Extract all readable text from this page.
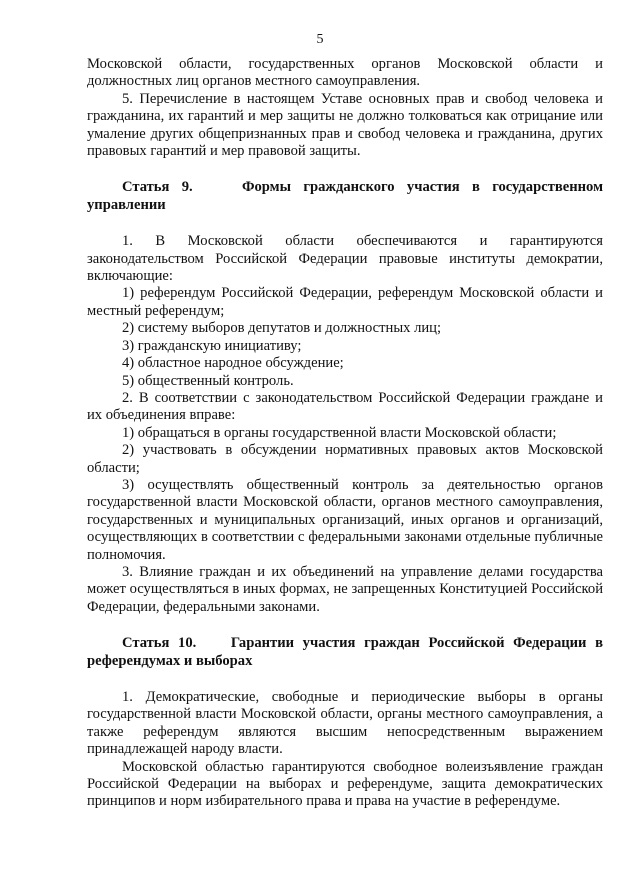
5

Московской области, государственных органов Московской области и должностных лиц органов местного самоуправления.

5. Перечисление в настоящем Уставе основных прав и свобод человека и гражданина, их гарантий и мер защиты не должно толковаться как отрицание или умаление других общепризнанных прав и свобод человека и гражданина, других правовых гарантий и мер правовой защиты.

Статья 9.	Формы гражданского участия в государственном управлении

1. В Московской области обеспечиваются и гарантируются законодательством Российской Федерации правовые институты демократии, включающие:

1) референдум Российской Федерации, референдум Московской области и местный референдум;

2) систему выборов депутатов и должностных лиц;

3) гражданскую инициативу;

4) областное народное обсуждение;

5) общественный контроль.

2. В соответствии с законодательством Российской Федерации граждане и их объединения вправе:

1) обращаться в органы государственной власти Московской области;

2) участвовать в обсуждении нормативных правовых актов Московской области;

3) осуществлять общественный контроль за деятельностью органов государственной власти Московской области, органов местного самоуправления, государственных и муниципальных организаций, иных органов и организаций, осуществляющих в соответствии с федеральными законами отдельные публичные полномочия.

3. Влияние граждан и их объединений на управление делами государства может осуществляться в иных формах, не запрещенных Конституцией Российской Федерации, федеральными законами.

Статья 10. Гарантии участия граждан Российской Федерации в референдумах и выборах

1. Демократические, свободные и периодические выборы в органы государственной власти Московской области, органы местного самоуправления, а также референдум являются высшим непосредственным выражением принадлежащей народу власти.

Московской областью гарантируются свободное волеизъявление граждан Российской Федерации на выборах и референдуме, защита демократических принципов и норм избирательного права и права на участие в референдуме.
